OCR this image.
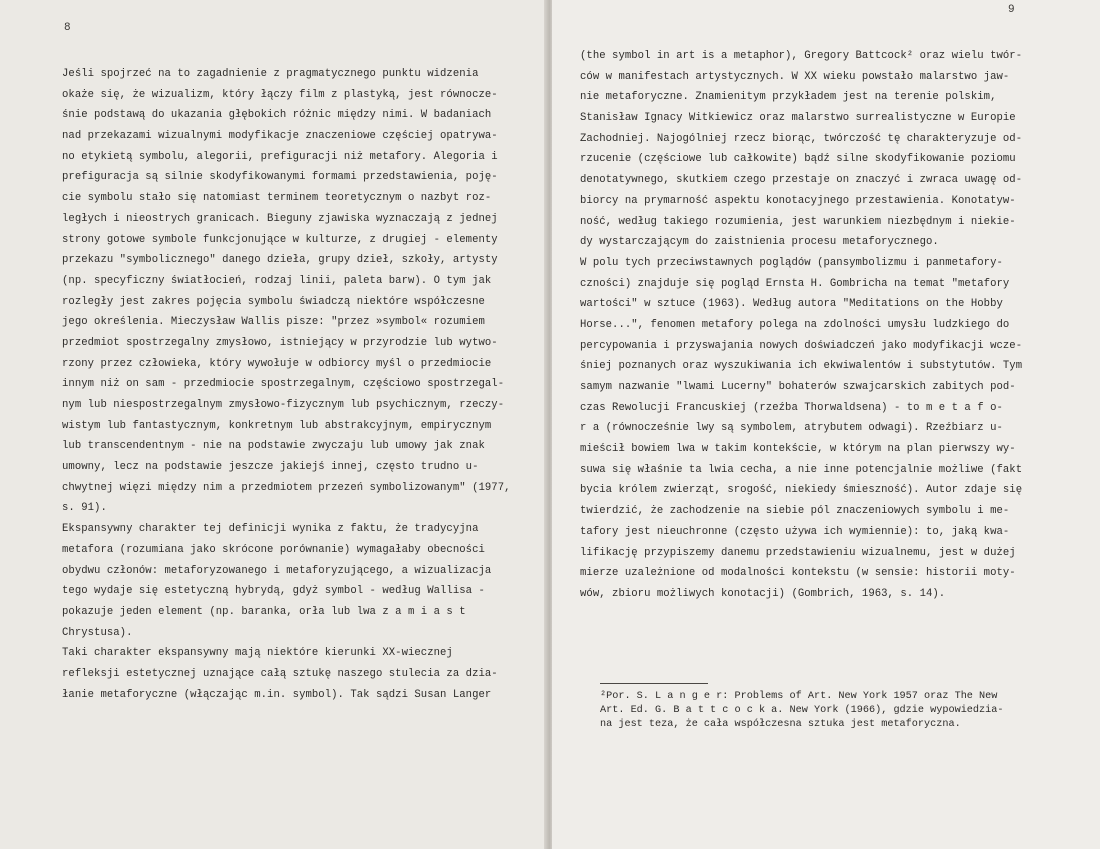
8
Jeśli spojrzeć na to zagadnienie z pragmatycznego punktu widzenia
okaże się, że wizualizm, który łączy film z plastyką, jest równocze-
śnie podstawą do ukazania głębokich różnic między nimi. W badaniach
nad przekazami wizualnymi modyfikacje znaczeniowe częściej opatrywa-
no etykietą symbolu, alegorii, prefiguracji niż metafory. Alegoria i
prefiguracja są silnie skodyfikowanymi formami przedstawienia, poję-
cie symbolu stało się natomiast terminem teoretycznym o nazbyt roz-
ległych i nieostrych granicach. Bieguny zjawiska wyznaczają z jednej
strony gotowe symbole funkcjonujące w kulturze, z drugiej - elementy
przekazu "symbolicznego" danego dzieła, grupy dzieł, szkoły, artysty
(np. specyficzny światłocień, rodzaj linii, paleta barw). O tym jak
rozległy jest zakres pojęcia symbolu świadczą niektóre współczesne
jego określenia. Mieczysław Wallis pisze: "przez »symbol« rozumiem
przedmiot spostrzegalny zmysłowo, istniejący w przyrodzie lub wytwo-
rzony przez człowieka, który wywołuje w odbiorcy myśl o przedmiocie
innym niż on sam - przedmiocie spostrzegalnym, częściowo spostrzegal-
nym lub niespostrzegalnym zmysłowo-fizycznym lub psychicznym, rzeczy-
wistym lub fantastycznym, konkretnym lub abstrakcyjnym, empirycznym
lub transcendentnym - nie na podstawie zwyczaju lub umowy jak znak
umowny, lecz na podstawie jeszcze jakiejś innej, często trudno u-
chwytnej więzi między nim a przedmiotem przezeń symbolizowanym" (1977,
s. 91).
Ekspansywny charakter tej definicji wynika z faktu, że tradycyjna
metafora (rozumiana jako skrócone porównanie) wymagałaby obecności
obydwu członów: metaforyzowanego i metaforyzującego, a wizualizacja
tego wydaje się estetyczną hybrydą, gdyż symbol - według Wallisa -
pokazuje jeden element (np. baranka, orła lub lwa z a m i a s t
Chrystusa).
Taki charakter ekspansywny mają niektóre kierunki XX-wiecznej
refleksji estetycznej uznające całą sztukę naszego stulecia za dzia-
łanie metaforyczne (włączając m.in. symbol). Tak sądzi Susan Langer
9
(the symbol in art is a metaphor), Gregory Battcock² oraz wielu twór-
ców w manifestach artystycznych. W XX wieku powstało malarstwo jaw-
nie metaforyczne. Znamienitym przykładem jest na terenie polskim,
Stanisław Ignacy Witkiewicz oraz malarstwo surrealistyczne w Europie
Zachodniej. Najogólniej rzecz biorąc, twórczość tę charakteryzuje od-
rzucenie (częściowe lub całkowite) bądź silne skodyfikowanie poziomu
denotatywnego, skutkiem czego przestaje on znaczyć i zwraca uwagę od-
biorcy na prymarność aspektu konotacyjnego przestawienia. Konotatyw-
ność, według takiego rozumienia, jest warunkiem niezbędnym i niekie-
dy wystarczającym do zaistnienia procesu metaforycznego.
W polu tych przeciwstawnych poglądów (pansymbolizmu i panmetafory-
czności) znajduje się pogląd Ernsta H. Gombricha na temat "metafory
wartości" w sztuce (1963). Według autora "Meditations on the Hobby
Horse...", fenomen metafory polega na zdolności umysłu ludzkiego do
percypowania i przyswajania nowych doświadczeń jako modyfikacji wcze-
śniej poznanych oraz wyszukiwania ich ekwiwalentów i substytutów. Tym
samym nazwanie "lwami Lucerny" bohaterów szwajcarskich zabitych pod-
czas Rewolucji Francuskiej (rzeźba Thorwaldsena) - to m e t a f o-
r a (równocześnie lwy są symbolem, atrybutem odwagi). Rzeźbiarz u-
mieścił bowiem lwa w takim kontekście, w którym na plan pierwszy wy-
suwa się właśnie ta lwia cecha, a nie inne potencjalnie możliwe (fakt
bycia królem zwierząt, srogość, niekiedy śmieszność). Autor zdaje się
twierdzić, że zachodzenie na siebie pól znaczeniowych symbolu i me-
tafory jest nieuchronne (często używa ich wymiennie): to, jaką kwa-
lifikację przypiszemy danemu przedstawieniu wizualnemu, jest w dużej
mierze uzależnione od modalności kontekstu (w sensie: historii moty-
wów, zbioru możliwych konotacji) (Gombrich, 1963, s. 14).
²Por. S. L a n g e r: Problems of Art. New York 1957 oraz The New
Art. Ed. G. B a t t c o c k a. New York (1966), gdzie wypowiedzia-
na jest teza, że cała współczesna sztuka jest metaforyczna.
